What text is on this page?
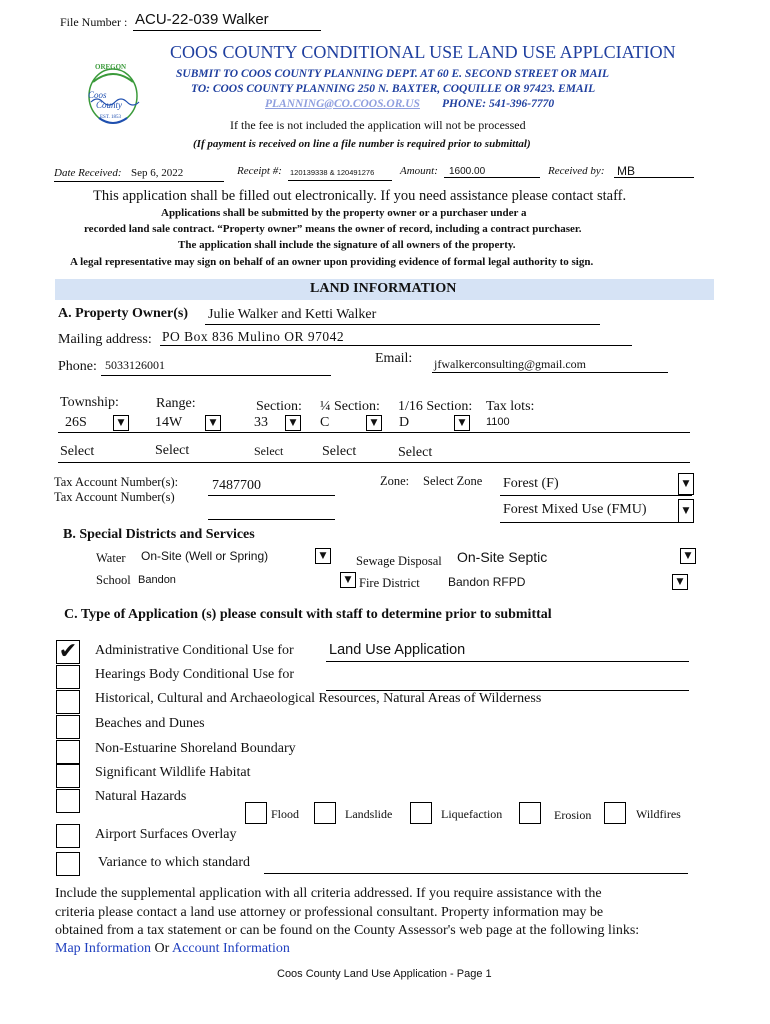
File Number : ACU-22-039 Walker
OREGON
Coos
County
EST. 1853
COOS COUNTY CONDITIONAL USE LAND USE APPLCIATION
SUBMIT TO COOS COUNTY PLANNING DEPT. AT 60 E. SECOND STREET OR MAIL
TO: COOS COUNTY PLANNING 250 N. BAXTER, COQUILLE OR 97423. EMAIL
PLANNING@CO.COOS.OR.US PHONE: 541-396-7770
If the fee is not included the application will not be processed
(If payment is received on line a file number is required prior to submittal)
Date Received: Sep 6, 2022	Receipt #: 120139338 & 120491276 Amount: 1600.00	Received by: MB
This application shall be filled out electronically. If you need assistance please contact staff.
Applications shall be submitted by the property owner or a purchaser under a
recorded land sale contract. “Property owner” means the owner of record, including a contract purchaser.
The application shall include the signature of all owners of the property.
A legal representative may sign on behalf of an owner upon providing evidence of formal legal authority to sign.
LAND INFORMATION
A. Property Owner(s) Julie Walker and Ketti Walker
Mailing address: PO Box 836 Mulino OR 97042
Phone: 5033126001	Email: jfwalkerconsulting@gmail.com
Township:
26S	▼
Range:
14W	▼
Section:
33	▼
¼ Section:
C	▼
1/16 Section:
D	▼
Tax lots:
1100
Select	Select	Select	Select	Select
Tax Account Number(s):
Tax Account Number(s)
7487700	Zone: Select Zone Forest (F)	▼
Forest Mixed Use (FMU)	▼
B. Special Districts and Services
Water On-Site (Well or Spring)	▼	Sewage Disposal On-Site Septic	▼
School Bandon	▼ Fire District Bandon RFPD	▼
C. Type of Application (s) please consult with staff to determine prior to submittal
✔ Administrative Conditional Use for Land Use Application
Hearings Body Conditional Use for
Historical, Cultural and Archaeological Resources, Natural Areas of Wilderness
Beaches and Dunes
Non-Estuarine Shoreland Boundary
Significant Wildlife Habitat
Natural Hazards
Flood	Landslide	Liquefaction	Erosion	Wildfires
Airport Surfaces Overlay
Variance to which standard
Include the supplemental application with all criteria addressed. If you require assistance with the
criteria please contact a land use attorney or professional consultant. Property information may be
obtained from a tax statement or can be found on the County Assessor's web page at the following links:
Map Information Or Account Information
Coos County Land Use Application - Page 1
